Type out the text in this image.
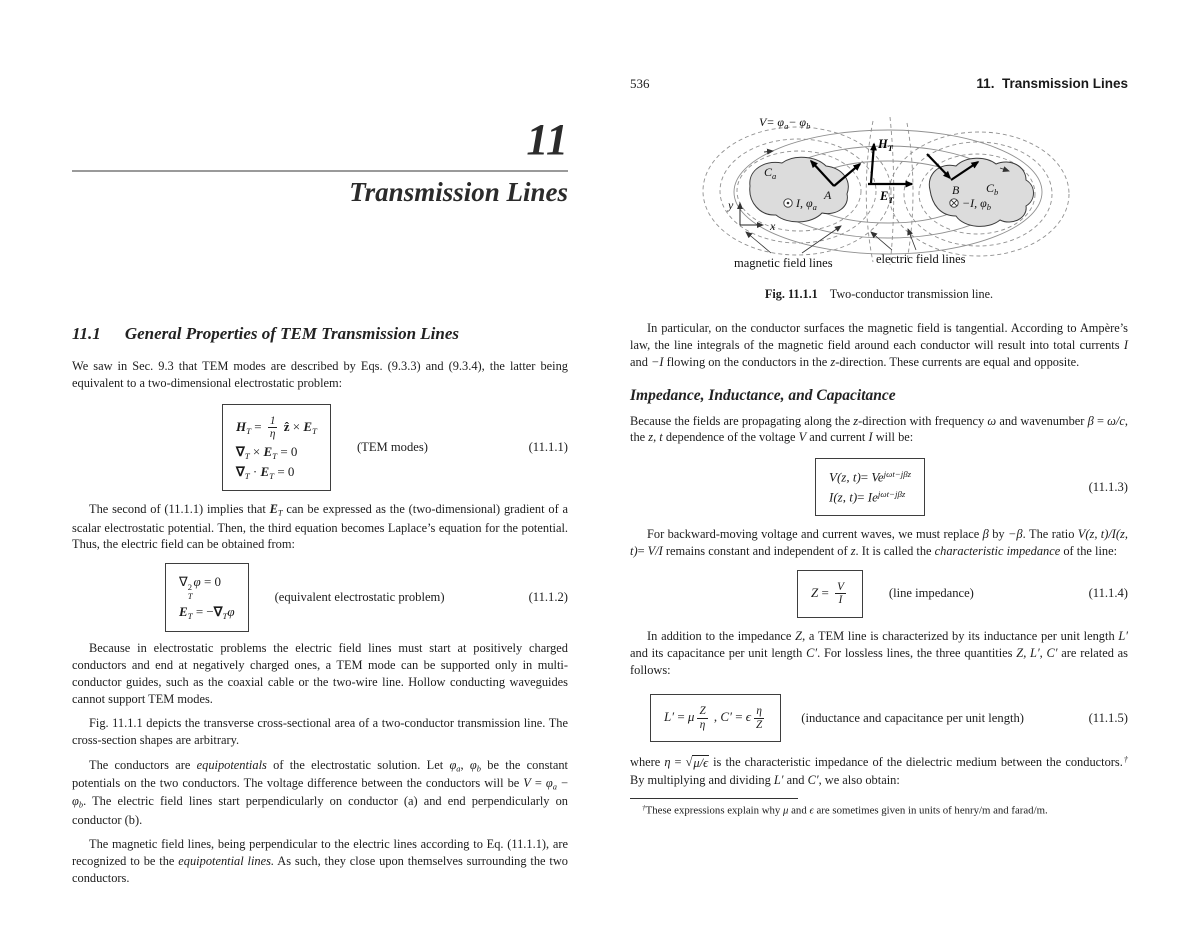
11
Transmission Lines
11.1 General Properties of TEM Transmission Lines

We saw in Sec. 9.3 that TEM modes are described by Eqs. (9.3.3) and (9.3.4), the latter being equivalent to a two-dimensional electrostatic problem:

$H_T = \frac{1}{\eta}$ ẑ × $E_T$
$\nabla_T \times E_T = 0$
$\nabla_T \cdot E_T = 0$
(TEM modes)	(11.1.1)

The second of (11.1.1) implies that $E_T$ can be expressed as the (two-dimensional) gradient of a scalar electrostatic potential. Then, the third equation becomes Laplace’s equation for the potential. Thus, the electric field can be obtained from:

∇ 2
T
φ = 0
$E_T = -\nabla_T\varphi$
(equivalent electrostatic problem)	(11.1.2)

Because in electrostatic problems the electric field lines must start at positively charged conductors and end at negatively charged ones, a TEM mode can be supported only in multi-conductor guides, such as the coaxial cable or the two-wire line. Hollow conducting waveguides cannot support TEM modes.

Fig. 11.1.1 depicts the transverse cross-sectional area of a two-conductor transmission line. The cross-section shapes are arbitrary.

The conductors are equipotentials of the electrostatic solution. Let $\varphi_a$, $\varphi_b$ be the constant potentials on the two conductors. The voltage difference between the conductors will be $V = \varphi_a - \varphi_b$. The electric field lines start perpendicularly on conductor (a) and end perpendicularly on conductor (b).

The magnetic field lines, being perpendicular to the electric lines according to Eq. (11.1.1), are recognized to be the equipotential lines. As such, they close upon themselves surrounding the two conductors.

536	11.  Transmission Lines
$V= \varphi_a- \varphi_b$
$H_T$
$E_T$
$C_a$
$C_b$
A	B
I, $\varphi_a$	−I, $\varphi_b$
y
x
magnetic field lines	electric field lines
Fig. 11.1.1 Two-conductor transmission line.

In particular, on the conductor surfaces the magnetic field is tangential. According to Ampère’s law, the line integrals of the magnetic field around each conductor will result into total currents I and −I flowing on the conductors in the z-direction. These currents are equal and opposite.

Impedance, Inductance, and Capacitance

Because the fields are propagating along the z-direction with frequency ω and wavenumber β = ω/c, the z, t dependence of the voltage V and current I will be:

V(z, $t)= Ve^{j\omega t-j\beta z}$
I(z, $t)= Ie^{j\omega t-j\beta z}$	(11.1.3)

For backward-moving voltage and current waves, we must replace β by −β. The ratio V(z, t)/I(z, t)= V/I remains constant and independent of z. It is called the characteristic impedance of the line:

$Z = \frac{V}{I}$	(line impedance)	(11.1.4)

In addition to the impedance Z, a TEM line is characterized by its inductance per unit length L′ and its capacitance per unit length C′. For lossless lines, the three quantities Z, L′, C′ are related as follows:

L′ = μ $\frac{Z}{\eta}$ , C′ = ϵ $\frac{\eta}{Z}$	(inductance and capacitance per unit length)	(11.1.5)

where η = √μ/ϵ is the characteristic impedance of the dielectric medium between the conductors.† By multiplying and dividing L′ and C′, we also obtain:

†These expressions explain why μ and ϵ are sometimes given in units of henry/m and farad/m.
